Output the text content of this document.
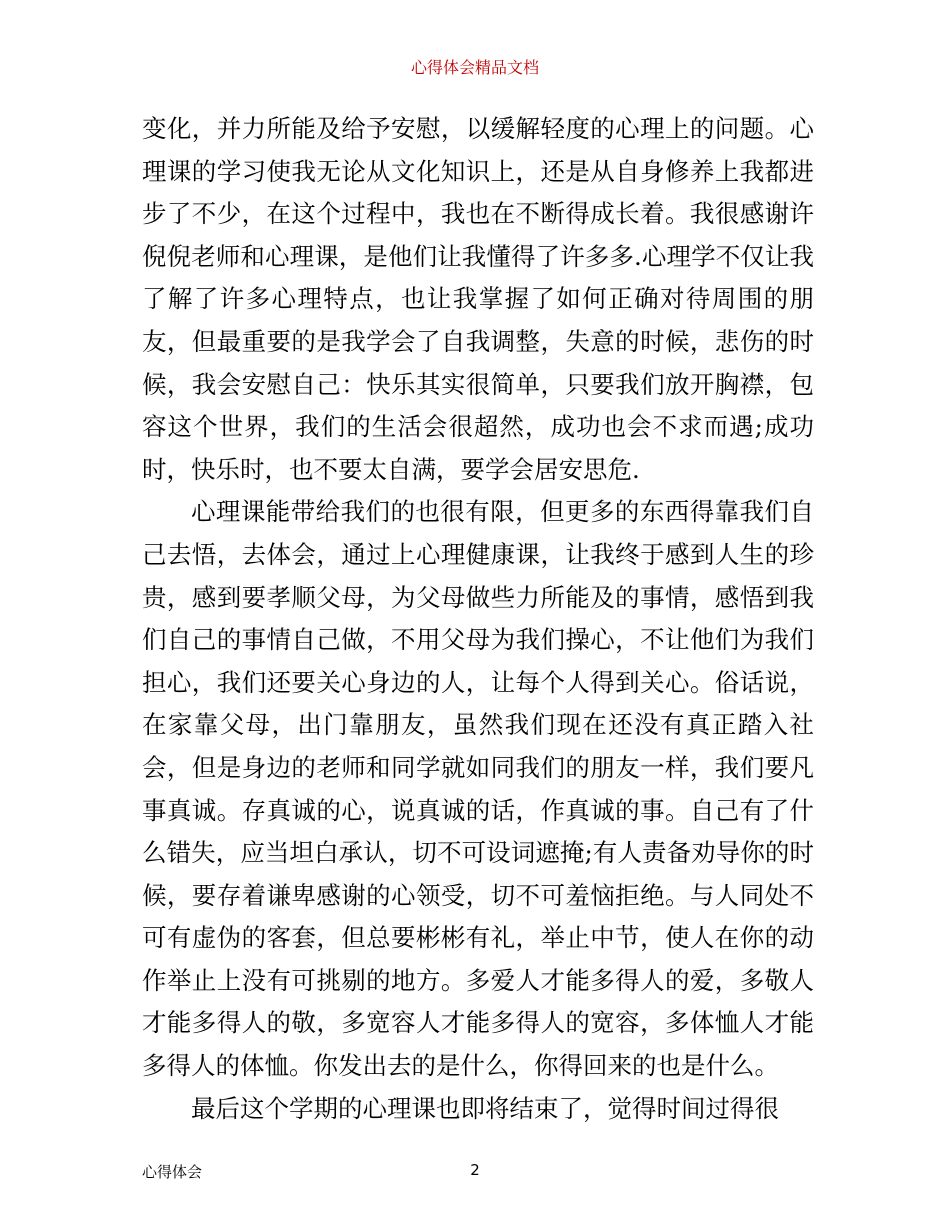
心得体会精品文档

变化，并力所能及给予安慰，以缓解轻度的心理上的问题。心理课的学习使我无论从文化知识上，还是从自身修养上我都进步了不少，在这个过程中，我也在不断得成长着。我很感谢许倪倪老师和心理课，是他们让我懂得了许多多.心理学不仅让我了解了许多心理特点，也让我掌握了如何正确对待周围的朋友，但最重要的是我学会了自我调整，失意的时候，悲伤的时候，我会安慰自己：快乐其实很简单，只要我们放开胸襟，包容这个世界，我们的生活会很超然，成功也会不求而遇;成功时，快乐时，也不要太自满，要学会居安思危.

心理课能带给我们的也很有限，但更多的东西得靠我们自己去悟，去体会，通过上心理健康课，让我终于感到人生的珍贵，感到要孝顺父母，为父母做些力所能及的事情，感悟到我们自己的事情自己做，不用父母为我们操心，不让他们为我们担心，我们还要关心身边的人，让每个人得到关心。俗话说，在家靠父母，出门靠朋友，虽然我们现在还没有真正踏入社会，但是身边的老师和同学就如同我们的朋友一样，我们要凡事真诚。存真诚的心，说真诚的话，作真诚的事。自己有了什么错失，应当坦白承认，切不可设词遮掩;有人责备劝导你的时候，要存着谦卑感谢的心领受，切不可羞恼拒绝。与人同处不可有虚伪的客套，但总要彬彬有礼，举止中节，使人在你的动作举止上没有可挑剔的地方。多爱人才能多得人的爱，多敬人才能多得人的敬，多宽容人才能多得人的宽容，多体恤人才能多得人的体恤。你发出去的是什么，你得回来的也是什么。

最后这个学期的心理课也即将结束了，觉得时间过得很

心得体会	2
